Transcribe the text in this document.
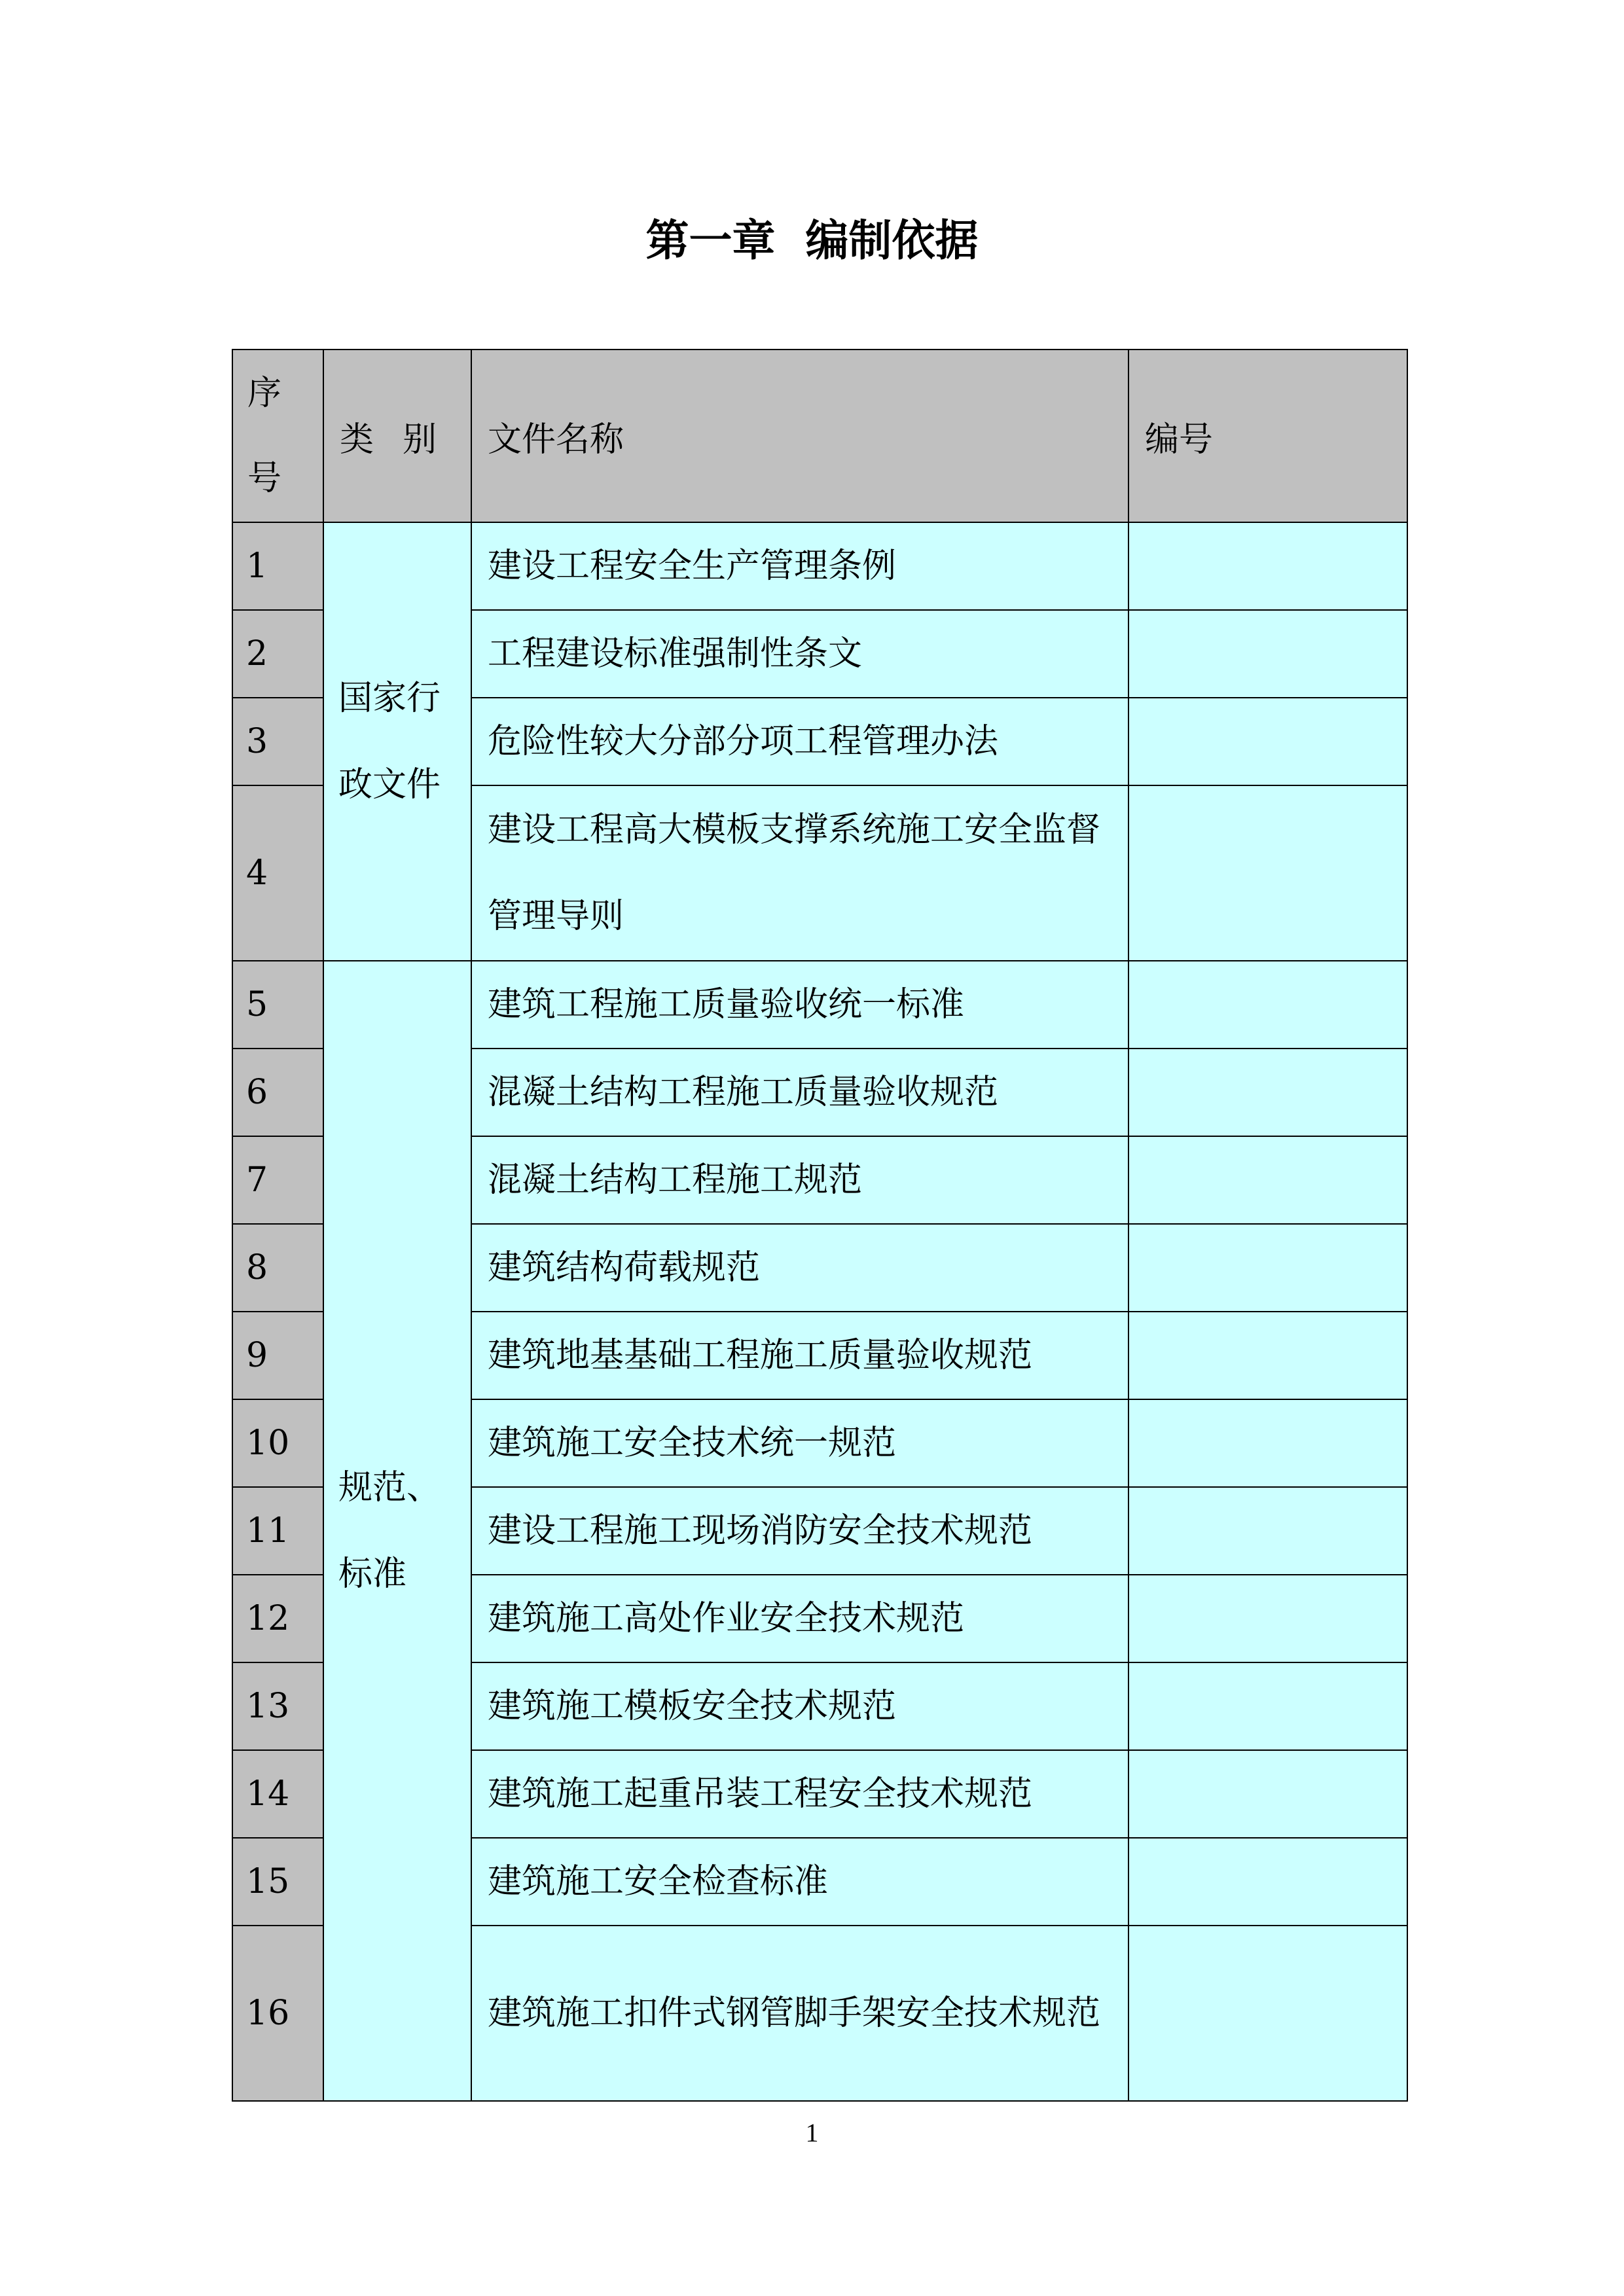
第一章  编制依据
序号	类别	文件名称	编号
1	国家行政文件	建设工程安全生产管理条例	
2		工程建设标准强制性条文	
3		危险性较大分部分项工程管理办法	
4		建设工程高大模板支撑系统施工安全监督管理导则	
5	规范、标准	建筑工程施工质量验收统一标准	
6		混凝土结构工程施工质量验收规范	
7		混凝土结构工程施工规范	
8		建筑结构荷载规范	
9		建筑地基基础工程施工质量验收规范	
10		建筑施工安全技术统一规范	
11		建设工程施工现场消防安全技术规范	
12		建筑施工高处作业安全技术规范	
13		建筑施工模板安全技术规范	
14		建筑施工起重吊装工程安全技术规范	
15		建筑施工安全检查标准	
16		建筑施工扣件式钢管脚手架安全技术规范	
1
